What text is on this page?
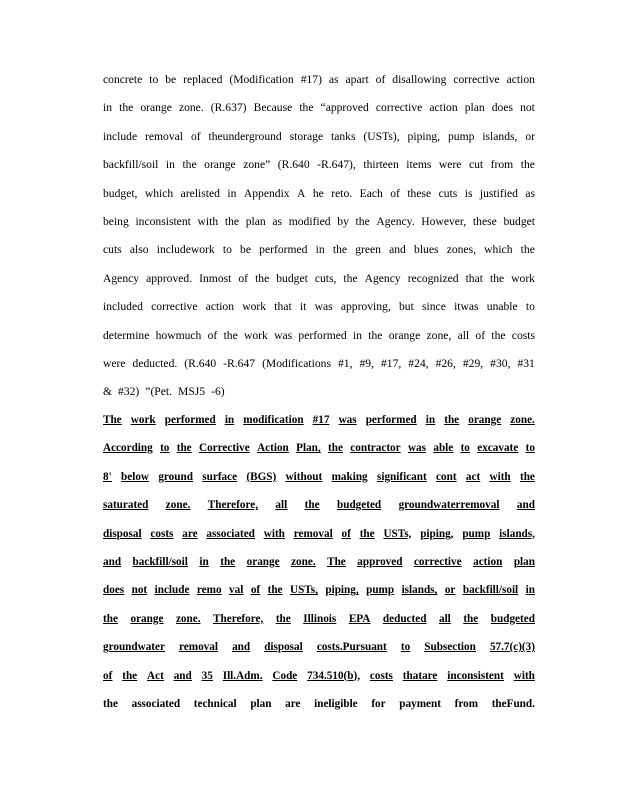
concrete to be replaced (Modification #17) as apart of disallowing corrective action
in the orange zone. (R.637) Because the “approved corrective action plan does not
include removal of theunderground storage tanks (USTs), piping, pump islands, or
backfill/soil in the orange zone” (R.640 -R.647), thirteen items were cut from the
budget, which arelisted in Appendix A he reto. Each of these cuts is justified as
being inconsistent with the plan as modified by the Agency. However, these budget
cuts also includework to be performed in the green and blues zones, which the
Agency approved. Inmost of the budget cuts, the Agency recognized that the work
included corrective action work that it was approving, but since itwas unable to
determine howmuch of the work was performed in the orange zone, all of the costs
were deducted. (R.640 -R.647 (Modifications #1, #9, #17, #24, #26, #29, #30, #31
& #32) ”(Pet. MSJ5 -6)
The work performed in modification #17 was performed in the orange zone.
According to the Corrective Action Plan, the contractor was able to excavate to
8' below ground surface (BGS) without making significant cont act with the
saturated zone. Therefore, all the budgeted groundwaterremoval and
disposal costs are associated with removal of the USTs, piping, pump islands,
and backfill/soil in the orange zone. The approved corrective action plan
does not include remo val of the USTs, piping, pump islands, or backfill/soil in
the orange zone. Therefore, the Illinois EPA deducted all the budgeted
groundwater removal and disposal costs.Pursuant to Subsection 57.7(c)(3)
of the Act and 35 Ill.Adm. Code 734.510(b), costs thatare inconsistent with
the associated technical plan are ineligible for payment from theFund.
